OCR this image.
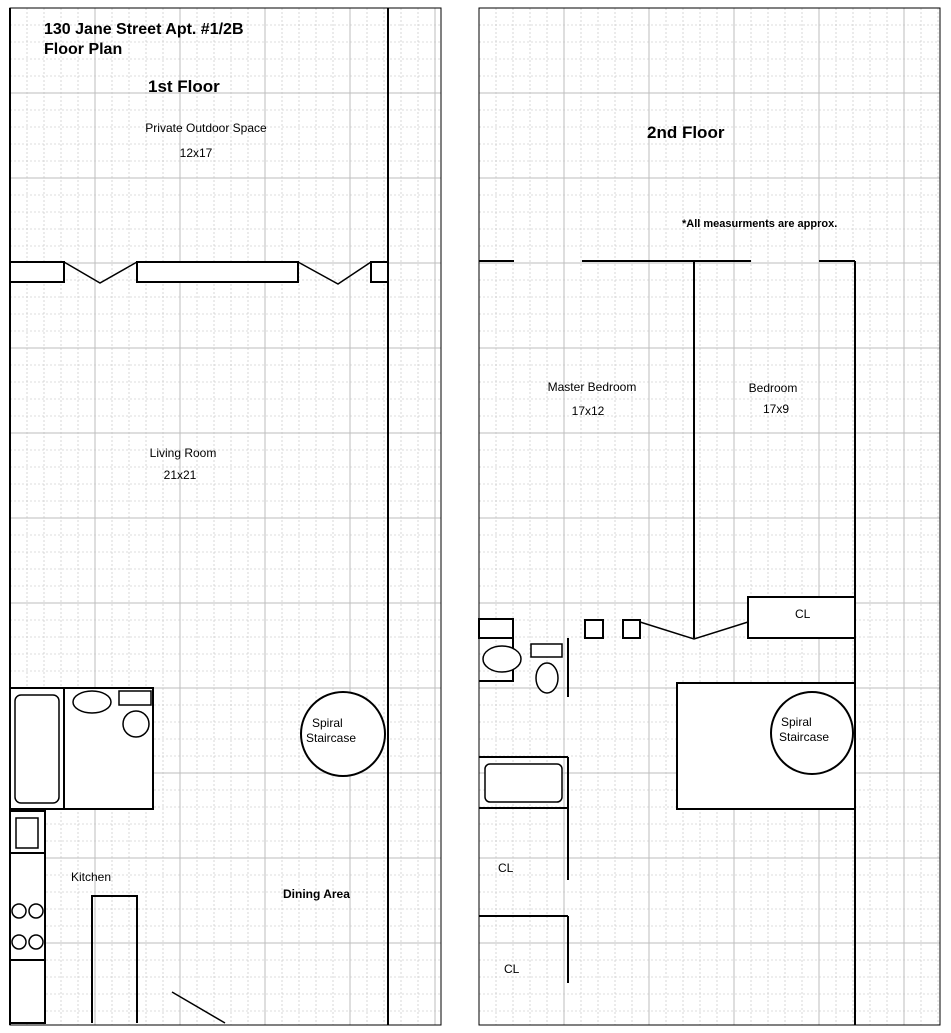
130 Jane Street Apt. #1/2B
Floor Plan
1st Floor
Private Outdoor Space
12x17
Living Room
21x21
Spiral
Staircase
Kitchen
Dining Area
2nd Floor
*All measurments are approx.
Master Bedroom
17x12
Bedroom
17x9
CL
Spiral
Staircase
CL
CL
